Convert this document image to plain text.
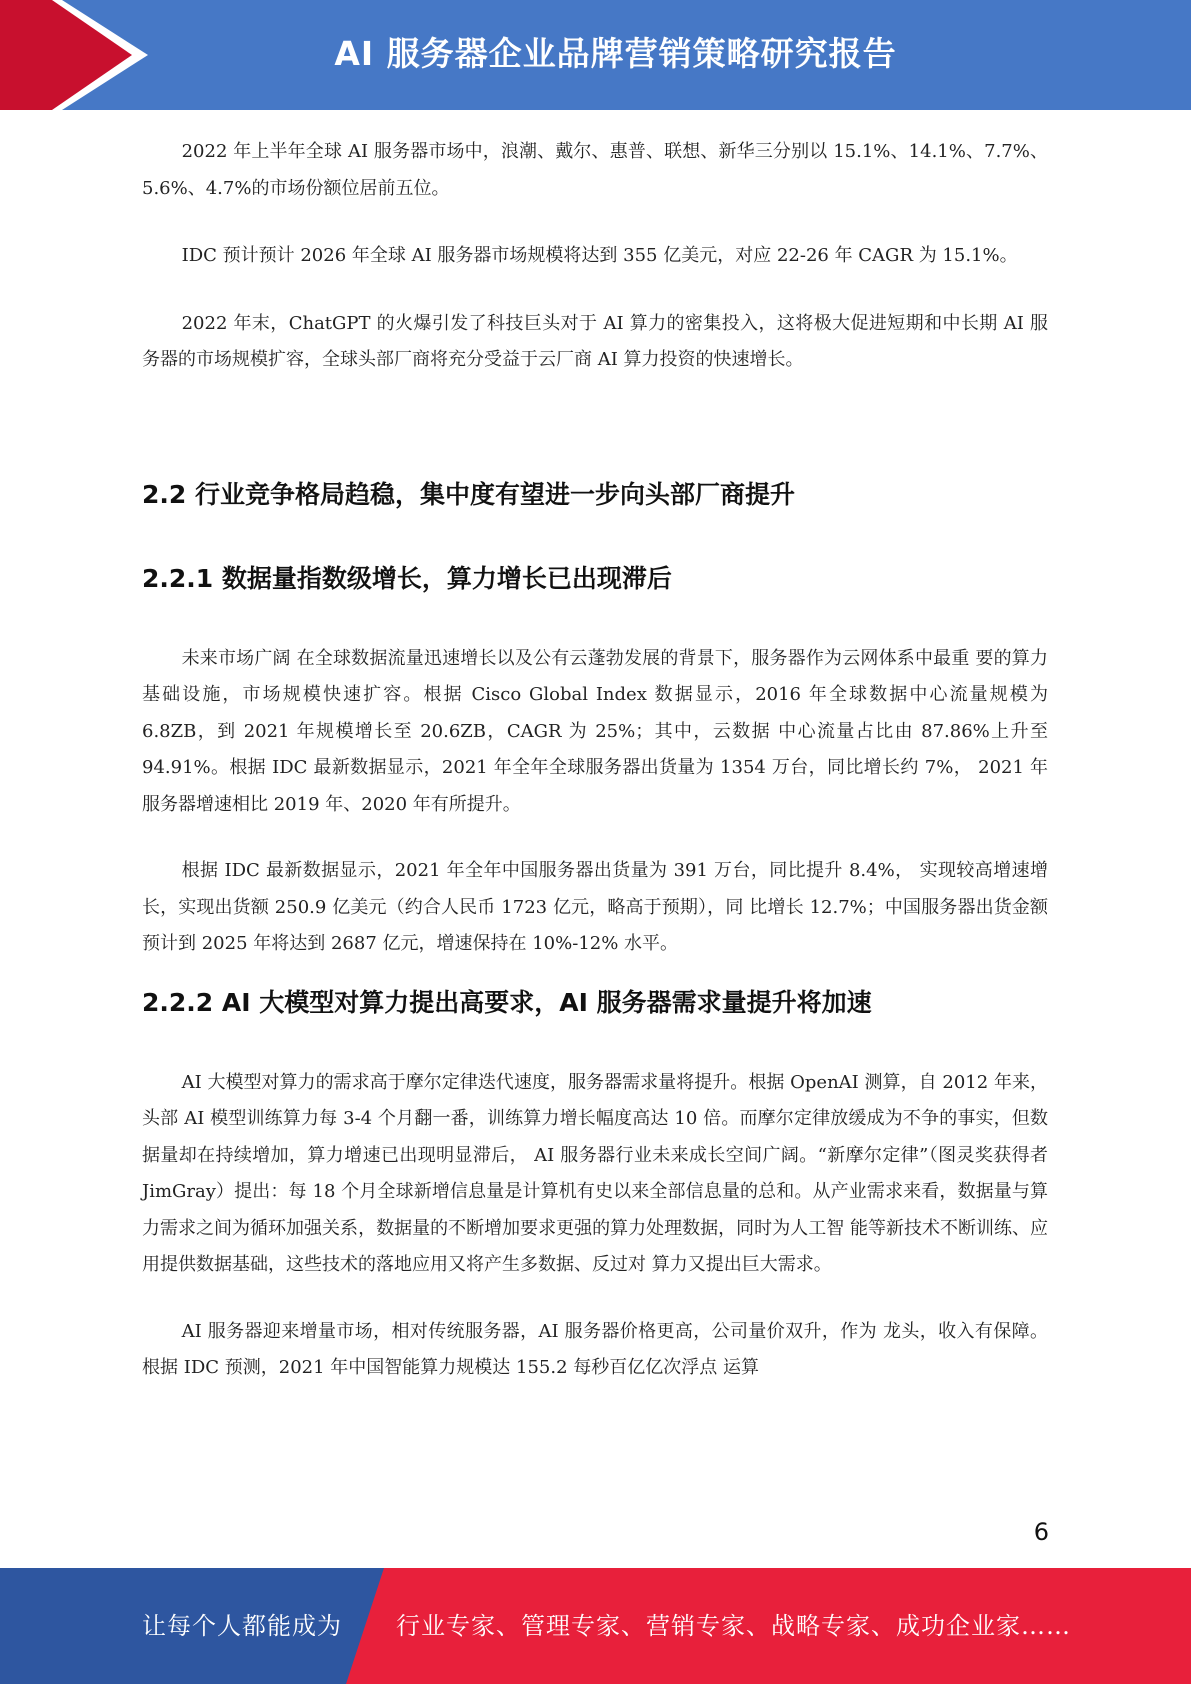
AI 服务器企业品牌营销策略研究报告

2022 年上半年全球 AI 服务器市场中，浪潮、戴尔、惠普、联想、新华三分别以 15.1%、14.1%、7.7%、5.6%、4.7%的市场份额位居前五位。

IDC 预计预计 2026 年全球 AI 服务器市场规模将达到 355 亿美元，对应 22-26 年 CAGR 为 15.1%。

2022 年末，ChatGPT 的火爆引发了科技巨头对于 AI 算力的密集投入，这将极大促进短期和中长期 AI 服务器的市场规模扩容，全球头部厂商将充分受益于云厂商 AI 算力投资的快速增长。

2.2 行业竞争格局趋稳，集中度有望进一步向头部厂商提升
2.2.1 数据量指数级增长，算力增长已出现滞后

未来市场广阔 在全球数据流量迅速增长以及公有云蓬勃发展的背景下，服务器作为云网体系中最重 要的算力基础设施，市场规模快速扩容。根据 Cisco Global Index 数据显示，2016 年全球数据中心流量规模为 6.8ZB，到 2021 年规模增长至 20.6ZB，CAGR 为 25%；其中，云数据 中心流量占比由 87.86%上升至 94.91%。根据 IDC 最新数据显示，2021 年全年全球服务器出货量为 1354 万台，同比增长约 7%， 2021 年服务器增速相比 2019 年、2020 年有所提升。

根据 IDC 最新数据显示，2021 年全年中国服务器出货量为 391 万台，同比提升 8.4%， 实现较高增速增长，实现出货额 250.9 亿美元（约合人民币 1723 亿元，略高于预期），同 比增长 12.7%；中国服务器出货金额预计到 2025 年将达到 2687 亿元，增速保持在 10%-12% 水平。

2.2.2 AI 大模型对算力提出高要求，AI 服务器需求量提升将加速

AI 大模型对算力的需求高于摩尔定律迭代速度，服务器需求量将提升。根据 OpenAI 测算，自 2012 年来，头部 AI 模型训练算力每 3-4 个月翻一番，训练算力增长幅度高达 10 倍。而摩尔定律放缓成为不争的事实，但数据量却在持续增加，算力增速已出现明显滞后， AI 服务器行业未来成长空间广阔。“新摩尔定律”（图灵奖获得者 JimGray）提出：每 18 个月全球新增信息量是计算机有史以来全部信息量的总和。从产业需求来看，数据量与算 力需求之间为循环加强关系，数据量的不断增加要求更强的算力处理数据，同时为人工智 能等新技术不断训练、应用提供数据基础，这些技术的落地应用又将产生多数据、反过对 算力又提出巨大需求。

AI 服务器迎来增量市场，相对传统服务器，AI 服务器价格更高，公司量价双升，作为 龙头，收入有保障。根据 IDC 预测，2021 年中国智能算力规模达 155.2 每秒百亿亿次浮点 运算

6
让每个人都能成为 行业专家、管理专家、营销专家、战略专家、成功企业家……
